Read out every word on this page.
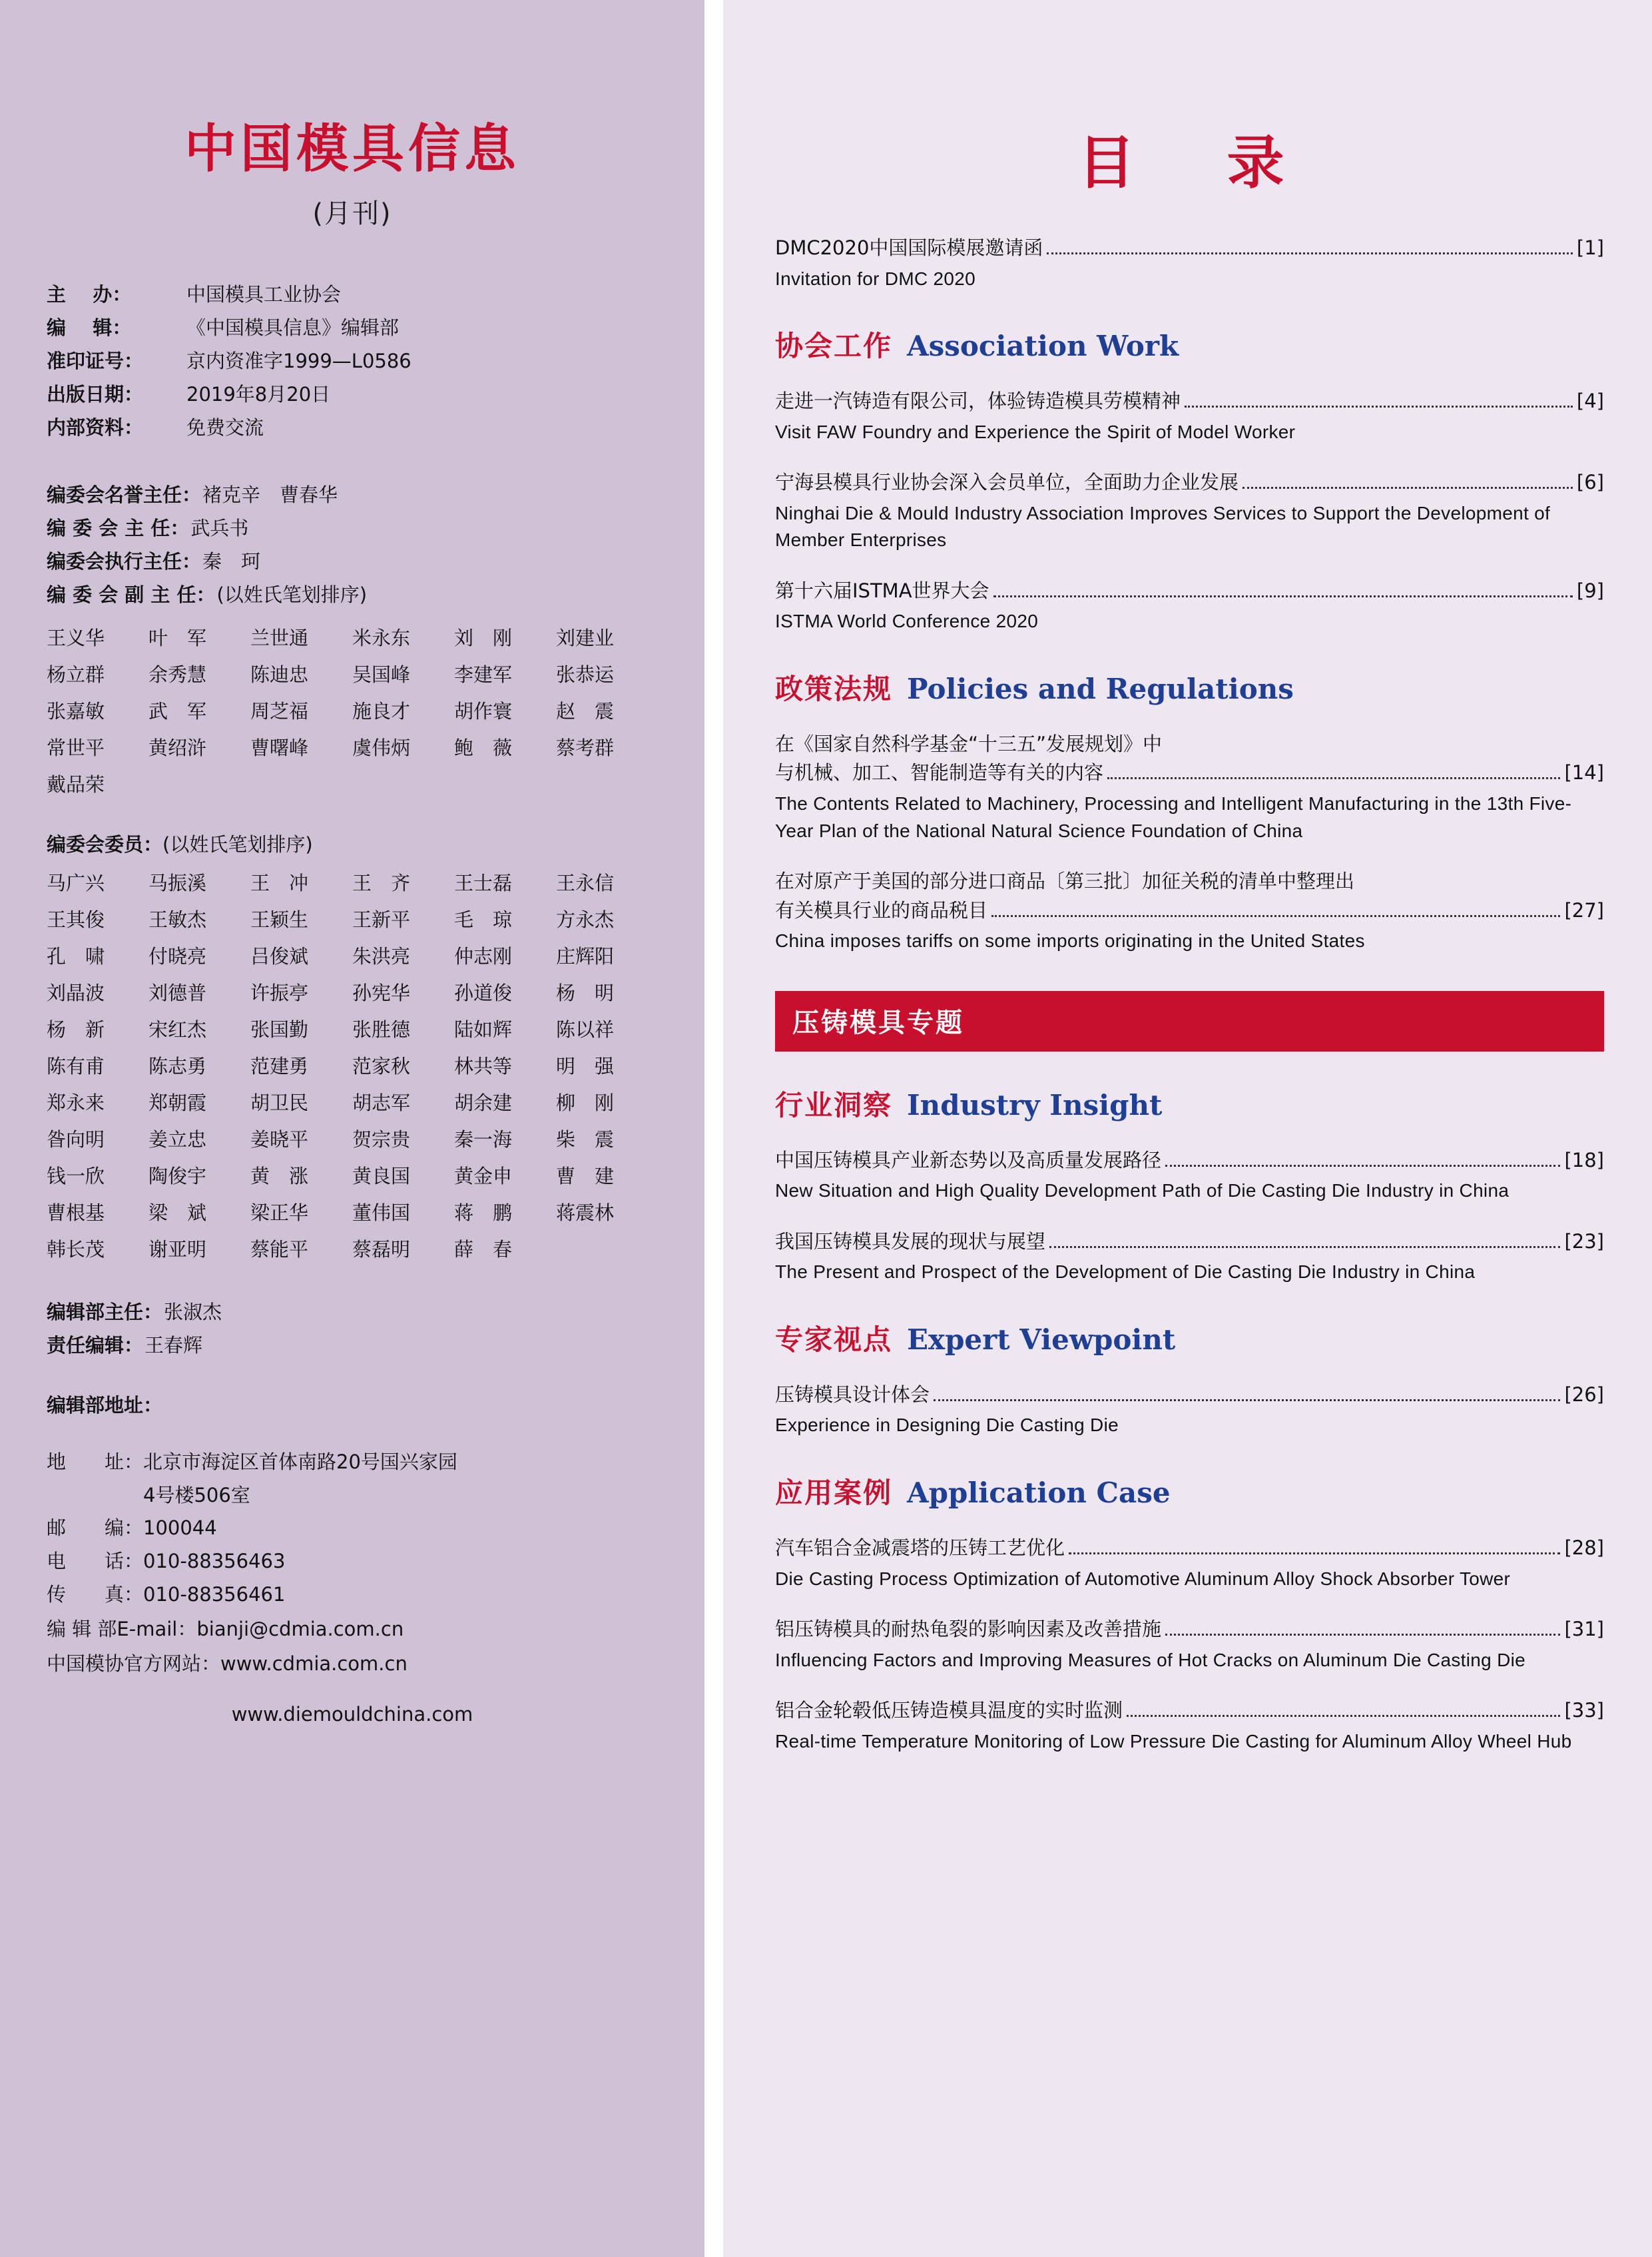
中国模具信息
(月刊)
主    办：	中国模具工业协会
编    辑：	《中国模具信息》编辑部
准印证号：	京内资准字1999—L0586
出版日期：	2019年8月20日
内部资料：	免费交流
编委会名誉主任： 褚克辛　曹春华
编 委 会 主 任： 武兵书
编委会执行主任： 秦　珂
编 委 会 副 主 任： (以姓氏笔划排序)
王义华	叶　军	兰世通	米永东	刘　刚	刘建业
杨立群	余秀慧	陈迪忠	吴国峰	李建军	张恭运
张嘉敏	武　军	周芝福	施良才	胡作寰	赵　震
常世平	黄绍浒	曹曙峰	虞伟炳	鲍　薇	蔡考群
戴品荣
编委会委员：(以姓氏笔划排序)
马广兴	马振溪	王　冲	王　齐	王士磊	王永信
王其俊	王敏杰	王颖生	王新平	毛　琼	方永杰
孔　啸	付晓亮	吕俊斌	朱洪亮	仲志刚	庄辉阳
刘晶波	刘德普	许振亭	孙宪华	孙道俊	杨　明
杨　新	宋红杰	张国勤	张胜德	陆如辉	陈以祥
陈有甫	陈志勇	范建勇	范家秋	林共等	明　强
郑永来	郑朝霞	胡卫民	胡志军	胡余建	柳　刚
昝向明	姜立忠	姜晓平	贺宗贵	秦一海	柴　震
钱一欣	陶俊宇	黄　涨	黄良国	黄金申	曹　建
曹根基	梁　斌	梁正华	董伟国	蒋　鹏	蒋震林
韩长茂	谢亚明	蔡能平	蔡磊明	薛　春
编辑部主任： 张淑杰
责任编辑： 王春辉
编辑部地址：
地　　址： 北京市海淀区首体南路20号国兴家园
4号楼506室
邮　　编： 100044
电　　话： 010-88356463
传　　真： 010-88356461
编 辑 部E-mail：bianji@cdmia.com.cn
中国模协官方网站：www.cdmia.com.cn
www.diemouldchina.com
目　录
DMC2020中国国际模展邀请函	[1]
Invitation for DMC 2020
协会工作 Association Work
走进一汽铸造有限公司，体验铸造模具劳模精神	[4]
Visit FAW Foundry and Experience the Spirit of Model Worker
宁海县模具行业协会深入会员单位，全面助力企业发展	[6]
Ninghai Die & Mould Industry Association Improves Services to Support the Development of Member Enterprises
第十六届ISTMA世界大会	[9]
ISTMA World Conference 2020
政策法规 Policies and Regulations
在《国家自然科学基金“十三五”发展规划》中
与机械、加工、智能制造等有关的内容	[14]
The Contents Related to Machinery, Processing and Intelligent Manufacturing in the 13th Five-Year Plan of the National Natural Science Foundation of China
在对原产于美国的部分进口商品〔第三批〕加征关税的清单中整理出
有关模具行业的商品税目	[27]
China imposes tariffs on some imports originating in the United States
压铸模具专题
行业洞察 Industry Insight
中国压铸模具产业新态势以及高质量发展路径	[18]
New Situation and High Quality Development Path of Die Casting Die Industry in China
我国压铸模具发展的现状与展望	[23]
The Present and Prospect of the Development of Die Casting Die Industry in China
专家视点 Expert Viewpoint
压铸模具设计体会	[26]
Experience in Designing Die Casting Die
应用案例 Application Case
汽车铝合金减震塔的压铸工艺优化	[28]
Die Casting Process Optimization of Automotive Aluminum Alloy Shock Absorber Tower
铝压铸模具的耐热龟裂的影响因素及改善措施	[31]
Influencing Factors and Improving Measures of Hot Cracks on Aluminum Die Casting Die
铝合金轮毂低压铸造模具温度的实时监测	[33]
Real-time Temperature Monitoring of Low Pressure Die Casting for Aluminum Alloy Wheel Hub
